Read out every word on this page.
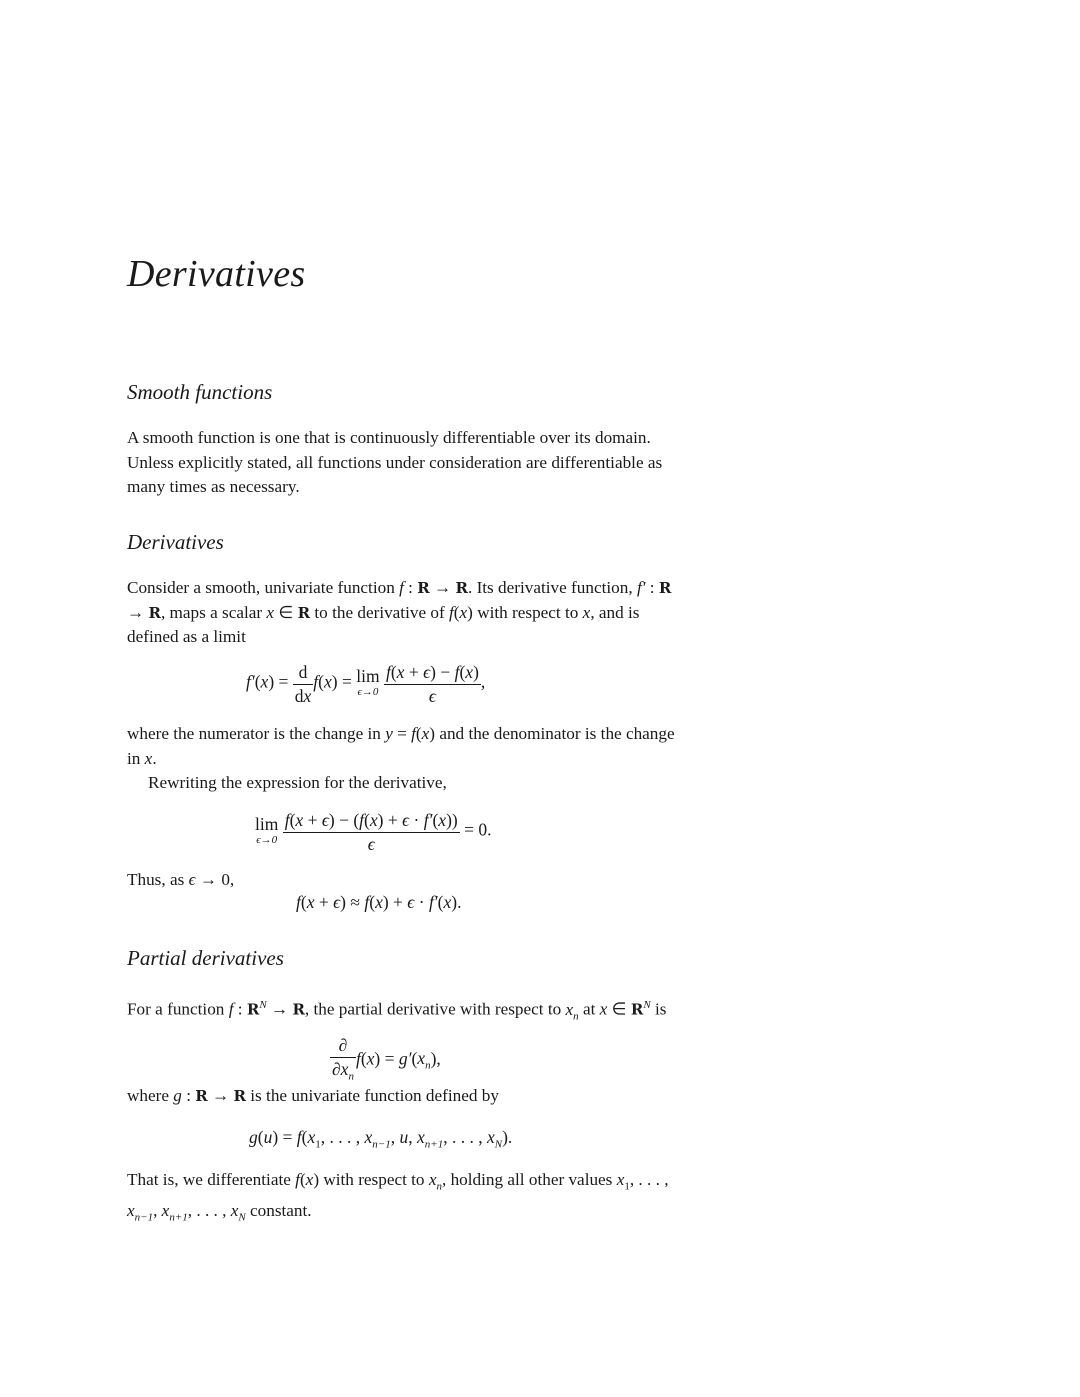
Derivatives
Smooth functions

A smooth function is one that is continuously differentiable over its domain. Unless explicitly stated, all functions under consideration are differentiable as many times as necessary.

Derivatives

Consider a smooth, univariate function f : R → R. Its derivative function, f′ : R → R, maps a scalar x ∈ R to the derivative of f(x) with respect to x, and is defined as a limit

$f'(x) = \frac{d}{dx} f(x) = \lim$
ϵ→0
$\frac{f(x + \epsilon) - f(x)}{\epsilon}$ ,

where the numerator is the change in y = f(x) and the denominator is the change in x.

Rewriting the expression for the derivative,

lim
ϵ→0
$\frac{f(x + \epsilon) - (f(x) + \epsilon \cdot f'(x))}{\epsilon} = 0$.

Thus, as ϵ → 0,

f(x + ϵ) ≈ f(x) + ϵ · f′(x).
Partial derivatives

For a function f : $R^N \to R$, the partial derivative with respect to $x_n$ at x ∈ $R^N$ is

$\frac{\partial}{\partial x_n} f(x) = g'(x_n)$,

where g : R → R is the univariate function defined by

$g(u) = f(x_1$, . . . , $x_{n-1}$, u, $x_{n+1}$, . . . , $x_N$).

That is, we differentiate f(x) with respect to $x_n$, holding all other values $x_1$, . . . , $x_{n-1}$, $x_{n+1}$, . . . , $x_N$ constant.
